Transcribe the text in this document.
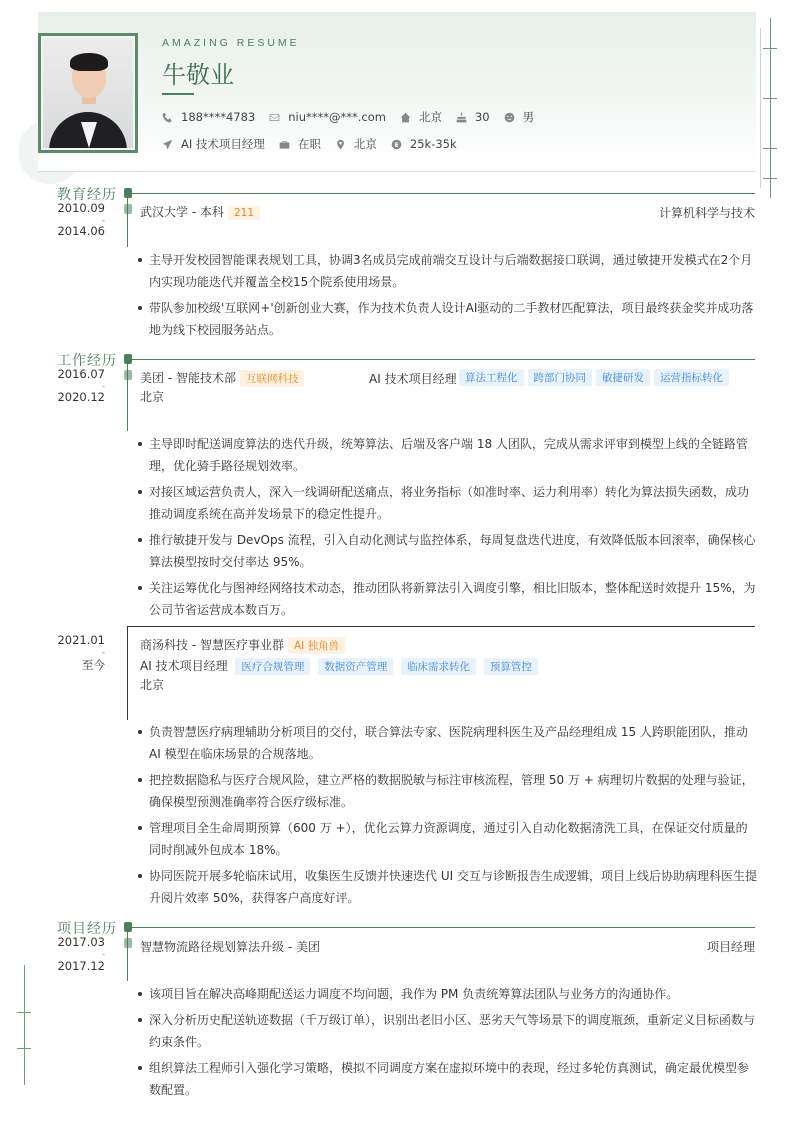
AMAZING RESUME
牛敬业
188****4783	niu****@***.com	北京	30	男
AI 技术项目经理	在职	北京	25k-35k
教育经历
2010.09
-
2014.06
武汉大学 - 本科 211	计算机科学与技术
主导开发校园智能课表规划工具，协调3名成员完成前端交互设计与后端数据接口联调，通过敏捷开发模式在2个月内实现功能迭代并覆盖全校15个院系使用场景。
带队参加校级'互联网+'创新创业大赛，作为技术负责人设计AI驱动的二手教材匹配算法，项目最终获金奖并成功落地为线下校园服务站点。
工作经历
2016.07
-
2020.12
美团 - 智能技术部 互联网科技	AI 技术项目经理 算法工程化	跨部门协同	敏捷研发	运营指标转化
北京
主导即时配送调度算法的迭代升级，统筹算法、后端及客户端 18 人团队，完成从需求评审到模型上线的全链路管理，优化骑手路径规划效率。
对接区域运营负责人，深入一线调研配送痛点，将业务指标（如准时率、运力利用率）转化为算法损失函数，成功推动调度系统在高并发场景下的稳定性提升。
推行敏捷开发与 DevOps 流程，引入自动化测试与监控体系，每周复盘迭代进度，有效降低版本回滚率，确保核心算法模型按时交付率达 95%。
关注运筹优化与图神经网络技术动态，推动团队将新算法引入调度引擎，相比旧版本，整体配送时效提升 15%，为公司节省运营成本数百万。
2021.01
-
至今
商汤科技 - 智慧医疗事业群 AI 独角兽
AI 技术项目经理 医疗合规管理 数据资产管理 临床需求转化 预算管控
北京
负责智慧医疗病理辅助分析项目的交付，联合算法专家、医院病理科医生及产品经理组成 15 人跨职能团队，推动 AI 模型在临床场景的合规落地。
把控数据隐私与医疗合规风险，建立严格的数据脱敏与标注审核流程，管理 50 万 + 病理切片数据的处理与验证，确保模型预测准确率符合医疗级标准。
管理项目全生命周期预算（600 万 +），优化云算力资源调度，通过引入自动化数据清洗工具，在保证交付质量的同时削减外包成本 18%。
协同医院开展多轮临床试用，收集医生反馈并快速迭代 UI 交互与诊断报告生成逻辑，项目上线后协助病理科医生提升阅片效率 50%，获得客户高度好评。
项目经历
2017.03
-
2017.12
智慧物流路径规划算法升级 - 美团	项目经理
该项目旨在解决高峰期配送运力调度不均问题，我作为 PM 负责统筹算法团队与业务方的沟通协作。
深入分析历史配送轨迹数据（千万级订单），识别出老旧小区、恶劣天气等场景下的调度瓶颈，重新定义目标函数与约束条件。
组织算法工程师引入强化学习策略，模拟不同调度方案在虚拟环境中的表现，经过多轮仿真测试，确定最优模型参数配置。
